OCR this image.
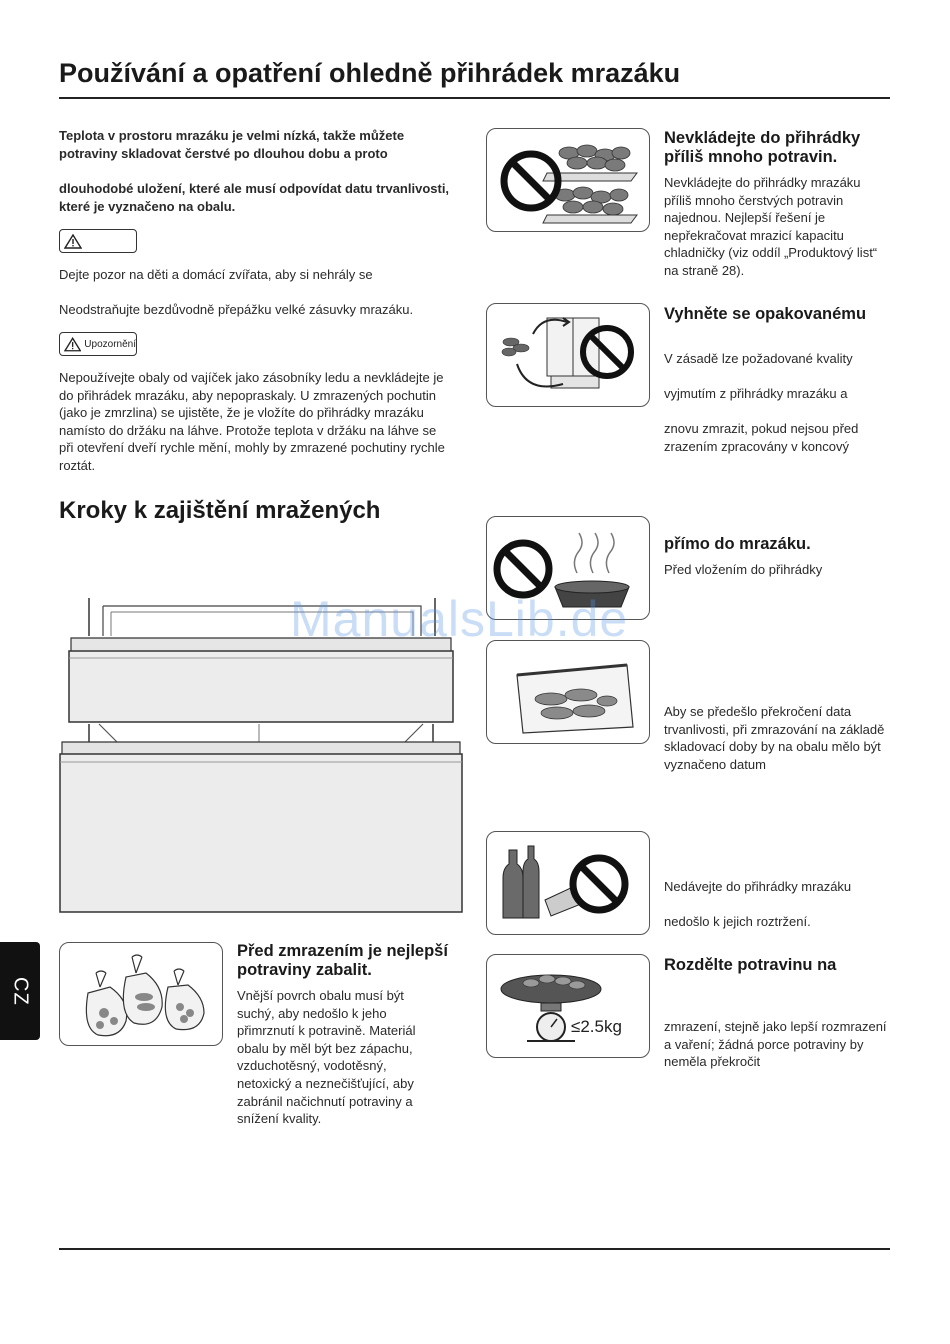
Používání a opatření ohledně přihrádek mrazáku

Teplota v prostoru mrazáku je velmi nízká, takže můžete potraviny skladovat čerstvé po dlouhou dobu a proto

dlouhodobé uložení, které ale musí odpovídat datu trvanlivosti, které je vyznačeno na obalu.

Dejte pozor na děti a domácí zvířata, aby si nehrály se

Neodstraňujte bezdůvodně přepážku velké zásuvky mrazáku.

Upozornění

Nepoužívejte obaly od vajíček jako zásobníky ledu a nevkládejte je do přihrádek mrazáku, aby nepopraskaly. U zmrazených pochutin (jako je zmrzlina) se ujistěte, že je vložíte do přihrádky mrazáku namísto do držáku na láhve. Protože teplota v držáku na láhve se při otevření dveří rychle mění, mohly by zmrazené pochutiny rychle roztát.

Kroky k zajištění mražených
Před zmrazením je nejlepší potraviny zabalit.

Vnější povrch obalu musí být suchý, aby nedošlo k jeho přimrznutí k potravině. Materiál obalu by měl být bez zápachu, vzduchotěsný, vodotěsný, netoxický a neznečišťující, aby zabránil načichnutí potraviny a snížení kvality.

Nevkládejte do přihrádky příliš mnoho potravin.

Nevkládejte do přihrádky mrazáku příliš mnoho čerstvých potravin najednou. Nejlepší řešení je nepřekračovat mrazicí kapacitu chladničky (viz oddíl „Produktový list“ na straně 28).

Vyhněte se opakovanému

V zásadě lze požadované kvality

vyjmutím z přihrádky mrazáku a

znovu zmrazit, pokud nejsou před zrazením zpracovány v koncový

přímo do mrazáku.

Před vložením do přihrádky

Aby se předešlo překročení data trvanlivosti, při zmrazování na základě skladovací doby by na obalu mělo být vyznačeno datum

Nedávejte do přihrádky mrazáku

nedošlo k jejich roztržení.

≤2.5kg
Rozdělte potravinu na

zmrazení, stejně jako lepší rozmrazení a vaření; žádná porce potraviny by neměla překročit

ManualsLib.de
CZ
